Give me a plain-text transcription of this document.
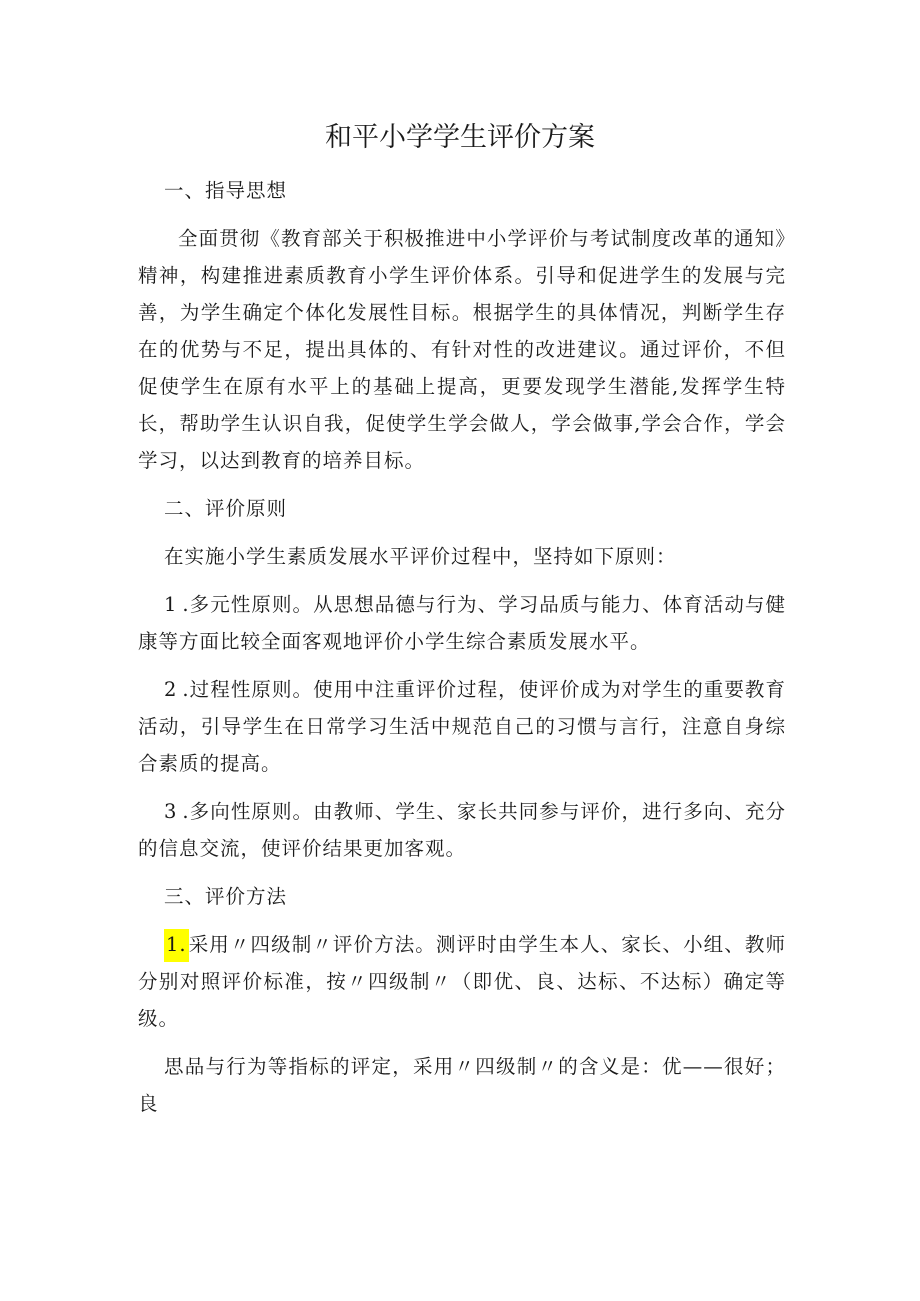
和平小学学生评价方案

一、指导思想

全面贯彻《教育部关于积极推进中小学评价与考试制度改革的通知》精神，构建推进素质教育小学生评价体系。引导和促进学生的发展与完善，为学生确定个体化发展性目标。根据学生的具体情况，判断学生存在的优势与不足，提出具体的、有针对性的改进建议。通过评价，不但促使学生在原有水平上的基础上提高，更要发现学生潜能,发挥学生特长，帮助学生认识自我，促使学生学会做人，学会做事,学会合作，学会学习，以达到教育的培养目标。

二、评价原则

在实施小学生素质发展水平评价过程中，坚持如下原则：

1.多元性原则。从思想品德与行为、学习品质与能力、体育活动与健康等方面比较全面客观地评价小学生综合素质发展水平。

2.过程性原则。使用中注重评价过程，使评价成为对学生的重要教育活动，引导学生在日常学习生活中规范自己的习惯与言行，注意自身综合素质的提高。

3.多向性原则。由教师、学生、家长共同参与评价，进行多向、充分的信息交流，使评价结果更加客观。

三、评价方法

1. 采用〃四级制〃评价方法。测评时由学生本人、家长、小组、教师分别对照评价标准，按〃四级制〃（即优、良、达标、不达标）确定等级。

思品与行为等指标的评定，采用〃四级制〃的含义是：优——很好；良
